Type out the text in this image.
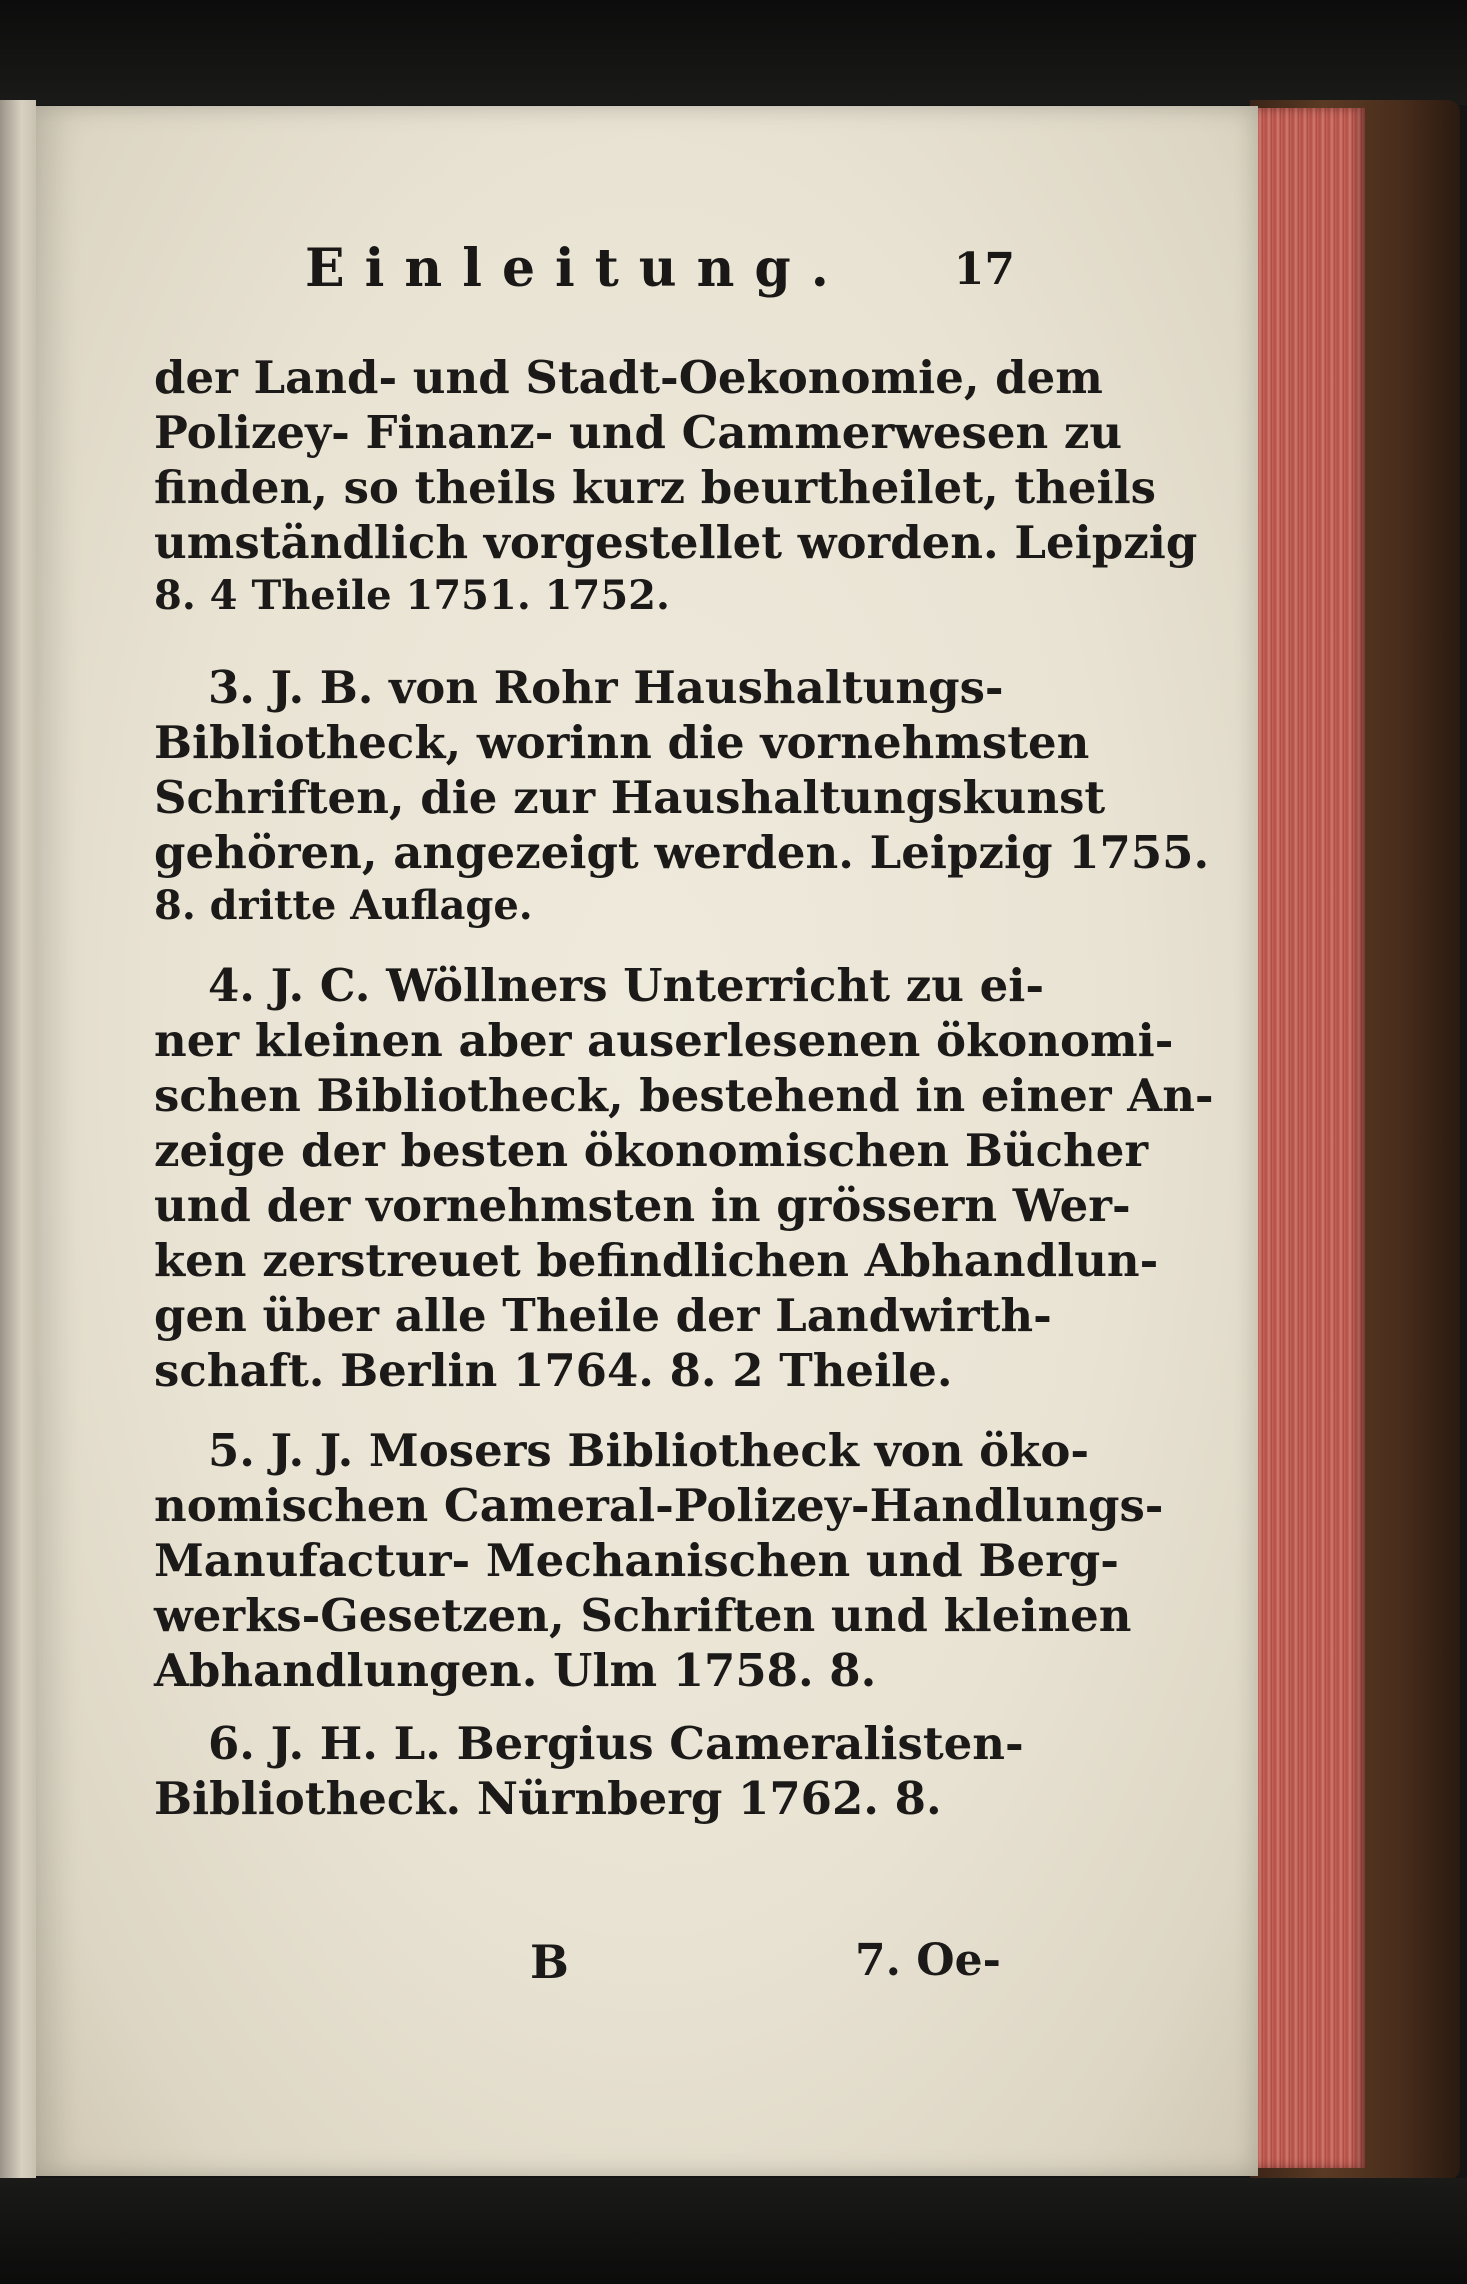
Einleitung. 17
der Land- und Stadt-Oekonomie, dem
Polizey- Finanz- und Cammerwesen zu
finden, so theils kurz beurtheilet, theils
umständlich vorgestellet worden. Leipzig
8. 4 Theile 1751. 1752.
3. J. B. von Rohr Haushaltungs-
Bibliotheck, worinn die vornehmsten
Schriften, die zur Haushaltungskunst
gehören, angezeigt werden. Leipzig 1755.
8. dritte Auflage.
4. J. C. Wöllners Unterricht zu ei-
ner kleinen aber auserlesenen ökonomi-
schen Bibliotheck, bestehend in einer An-
zeige der besten ökonomischen Bücher
und der vornehmsten in grössern Wer-
ken zerstreuet befindlichen Abhandlun-
gen über alle Theile der Landwirth-
schaft. Berlin 1764. 8. 2 Theile.
5. J. J. Mosers Bibliotheck von öko-
nomischen Cameral-Polizey-Handlungs-
Manufactur- Mechanischen und Berg-
werks-Gesetzen, Schriften und kleinen
Abhandlungen. Ulm 1758. 8.
6. J. H. L. Bergius Cameralisten-
Bibliotheck. Nürnberg 1762. 8.
B	7. Oe-
